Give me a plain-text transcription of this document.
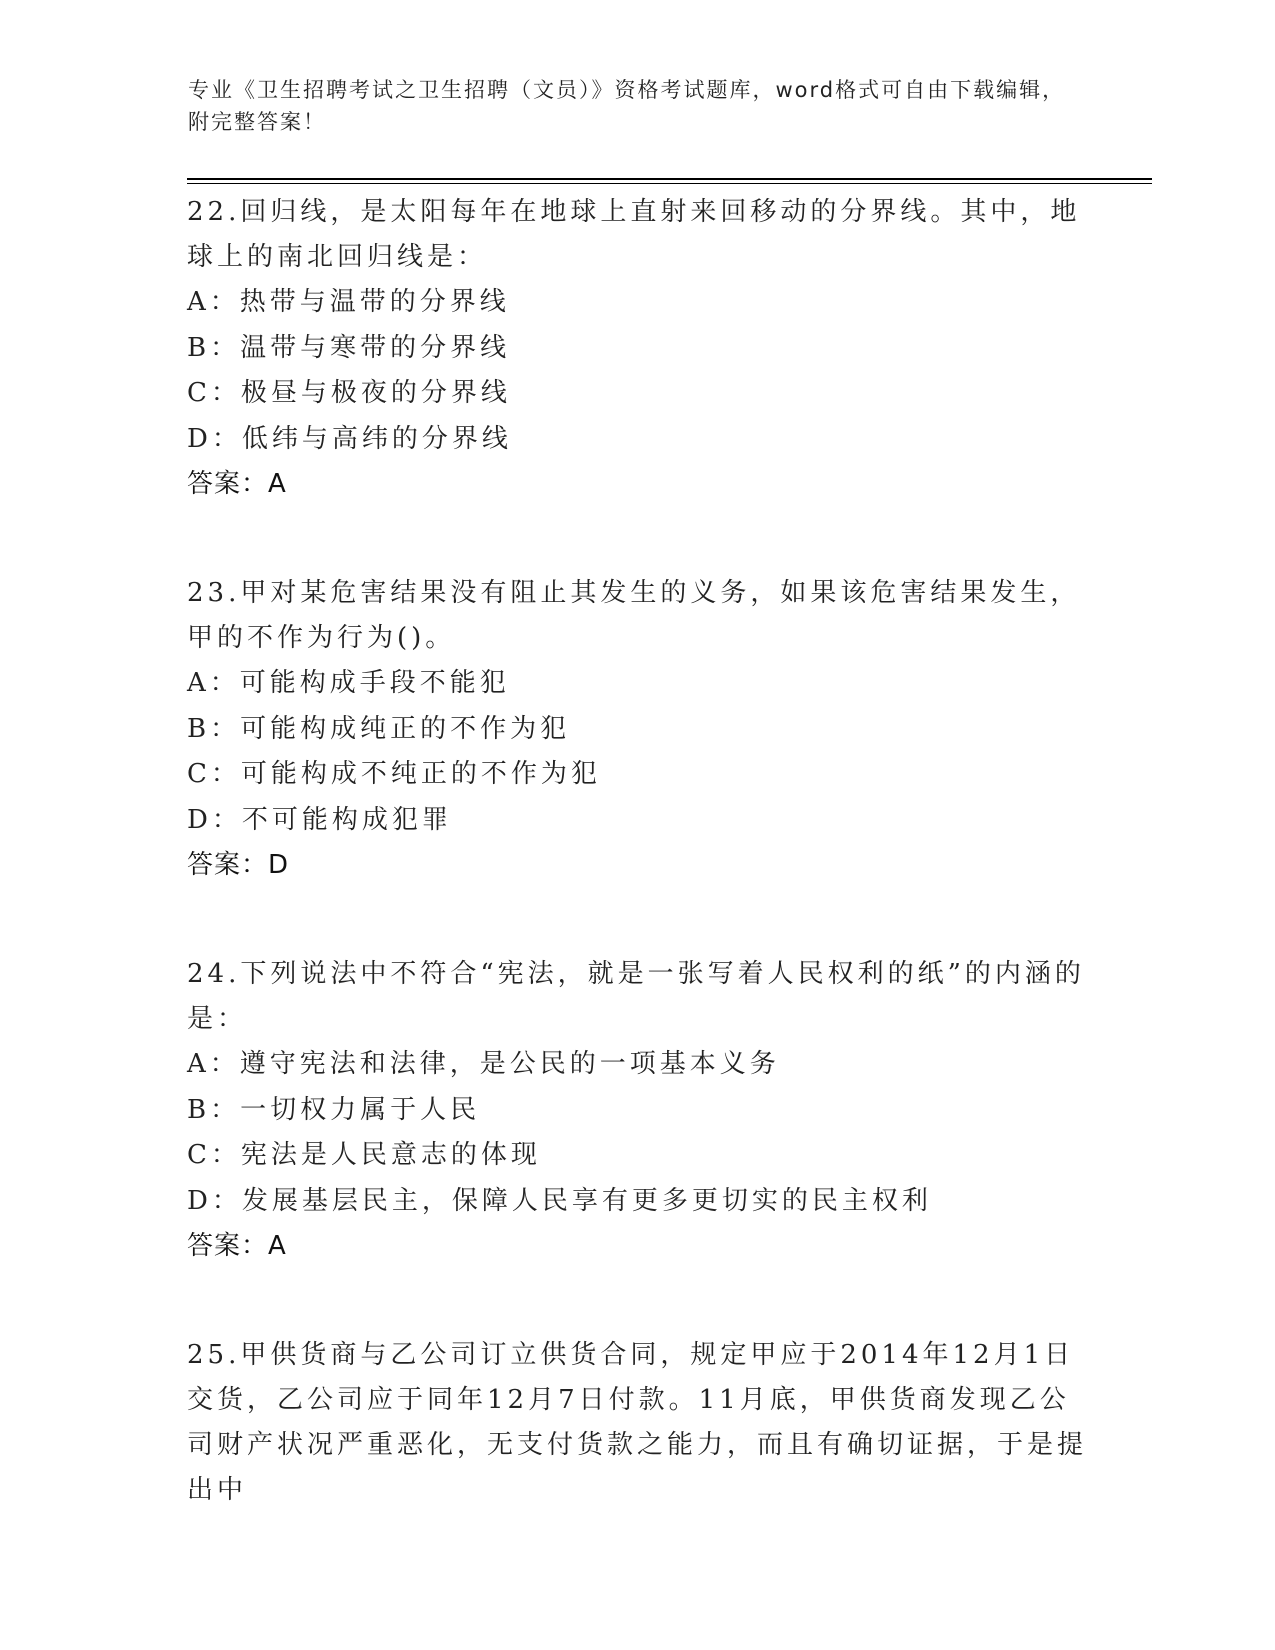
专业《卫生招聘考试之卫生招聘（文员）》资格考试题库，word格式可自由下载编辑，附完整答案！

22.回归线，是太阳每年在地球上直射来回移动的分界线。其中，地球上的南北回归线是：

A：热带与温带的分界线

B：温带与寒带的分界线

C：极昼与极夜的分界线

D：低纬与高纬的分界线

答案：A

23.甲对某危害结果没有阻止其发生的义务，如果该危害结果发生，甲的不作为行为()。

A：可能构成手段不能犯

B：可能构成纯正的不作为犯

C：可能构成不纯正的不作为犯

D：不可能构成犯罪

答案：D

24.下列说法中不符合“宪法，就是一张写着人民权利的纸”的内涵的是：

A：遵守宪法和法律，是公民的一项基本义务

B：一切权力属于人民

C：宪法是人民意志的体现

D：发展基层民主，保障人民享有更多更切实的民主权利

答案：A

25.甲供货商与乙公司订立供货合同，规定甲应于2014年12月1日交货，乙公司应于同年12月7日付款。11月底，甲供货商发现乙公司财产状况严重恶化，无支付货款之能力，而且有确切证据，于是提出中
